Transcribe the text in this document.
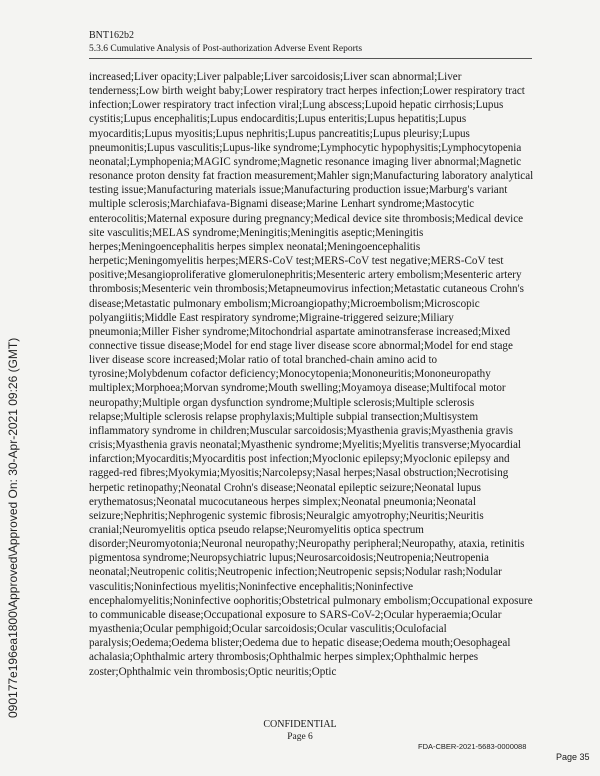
BNT162b2
5.3.6 Cumulative Analysis of Post-authorization Adverse Event Reports
increased;Liver opacity;Liver palpable;Liver sarcoidosis;Liver scan abnormal;Liver tenderness;Low birth weight baby;Lower respiratory tract herpes infection;Lower respiratory tract infection;Lower respiratory tract infection viral;Lung abscess;Lupoid hepatic cirrhosis;Lupus cystitis;Lupus encephalitis;Lupus endocarditis;Lupus enteritis;Lupus hepatitis;Lupus myocarditis;Lupus myositis;Lupus nephritis;Lupus pancreatitis;Lupus pleurisy;Lupus pneumonitis;Lupus vasculitis;Lupus-like syndrome;Lymphocytic hypophysitis;Lymphocytopenia neonatal;Lymphopenia;MAGIC syndrome;Magnetic resonance imaging liver abnormal;Magnetic resonance proton density fat fraction measurement;Mahler sign;Manufacturing laboratory analytical testing issue;Manufacturing materials issue;Manufacturing production issue;Marburg's variant multiple sclerosis;Marchiafava-Bignami disease;Marine Lenhart syndrome;Mastocytic enterocolitis;Maternal exposure during pregnancy;Medical device site thrombosis;Medical device site vasculitis;MELAS syndrome;Meningitis;Meningitis aseptic;Meningitis herpes;Meningoencephalitis herpes simplex neonatal;Meningoencephalitis herpetic;Meningomyelitis herpes;MERS-CoV test;MERS-CoV test negative;MERS-CoV test positive;Mesangioproliferative glomerulonephritis;Mesenteric artery embolism;Mesenteric artery thrombosis;Mesenteric vein thrombosis;Metapneumovirus infection;Metastatic cutaneous Crohn's disease;Metastatic pulmonary embolism;Microangiopathy;Microembolism;Microscopic polyangiitis;Middle East respiratory syndrome;Migraine-triggered seizure;Miliary pneumonia;Miller Fisher syndrome;Mitochondrial aspartate aminotransferase increased;Mixed connective tissue disease;Model for end stage liver disease score abnormal;Model for end stage liver disease score increased;Molar ratio of total branched-chain amino acid to tyrosine;Molybdenum cofactor deficiency;Monocytopenia;Mononeuritis;Mononeuropathy multiplex;Morphoea;Morvan syndrome;Mouth swelling;Moyamoya disease;Multifocal motor neuropathy;Multiple organ dysfunction syndrome;Multiple sclerosis;Multiple sclerosis relapse;Multiple sclerosis relapse prophylaxis;Multiple subpial transection;Multisystem inflammatory syndrome in children;Muscular sarcoidosis;Myasthenia gravis;Myasthenia gravis crisis;Myasthenia gravis neonatal;Myasthenic syndrome;Myelitis;Myelitis transverse;Myocardial infarction;Myocarditis;Myocarditis post infection;Myoclonic epilepsy;Myoclonic epilepsy and ragged-red fibres;Myokymia;Myositis;Narcolepsy;Nasal herpes;Nasal obstruction;Necrotising herpetic retinopathy;Neonatal Crohn's disease;Neonatal epileptic seizure;Neonatal lupus erythematosus;Neonatal mucocutaneous herpes simplex;Neonatal pneumonia;Neonatal seizure;Nephritis;Nephrogenic systemic fibrosis;Neuralgic amyotrophy;Neuritis;Neuritis cranial;Neuromyelitis optica pseudo relapse;Neuromyelitis optica spectrum disorder;Neuromyotonia;Neuronal neuropathy;Neuropathy peripheral;Neuropathy, ataxia, retinitis pigmentosa syndrome;Neuropsychiatric lupus;Neurosarcoidosis;Neutropenia;Neutropenia neonatal;Neutropenic colitis;Neutropenic infection;Neutropenic sepsis;Nodular rash;Nodular vasculitis;Noninfectious myelitis;Noninfective encephalitis;Noninfective encephalomyelitis;Noninfective oophoritis;Obstetrical pulmonary embolism;Occupational exposure to communicable disease;Occupational exposure to SARS-CoV-2;Ocular hyperaemia;Ocular myasthenia;Ocular pemphigoid;Ocular sarcoidosis;Ocular vasculitis;Oculofacial paralysis;Oedema;Oedema blister;Oedema due to hepatic disease;Oedema mouth;Oesophageal achalasia;Ophthalmic artery thrombosis;Ophthalmic herpes simplex;Ophthalmic herpes zoster;Ophthalmic vein thrombosis;Optic neuritis;Optic
090177e196ea1800\Approved\Approved On: 30-Apr-2021 09:26 (GMT)
CONFIDENTIAL
Page 6
FDA-CBER-2021-5683-0000088
Page 35
